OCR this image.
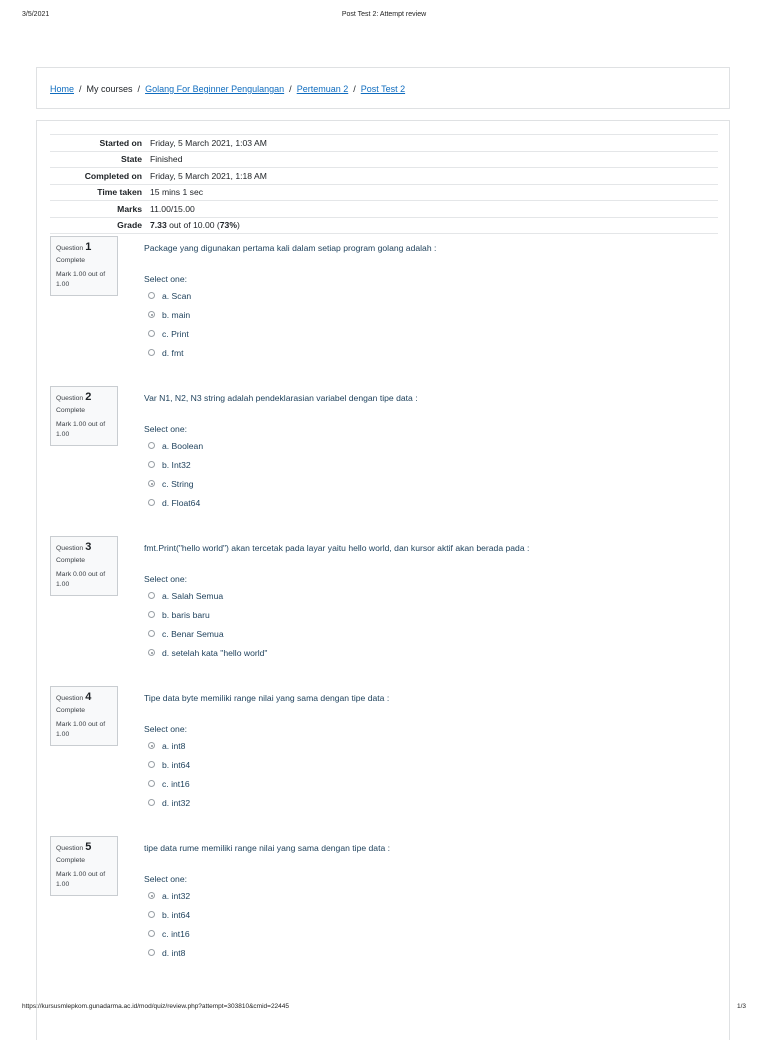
3/5/2021	Post Test 2: Attempt review
Home / My courses / Golang For Beginner Pengulangan / Pertemuan 2 / Post Test 2
Started on	Friday, 5 March 2021, 1:03 AM
State	Finished
Completed on	Friday, 5 March 2021, 1:18 AM
Time taken	15 mins 1 sec
Marks	11.00/15.00
Grade	7.33 out of 10.00 (73%)
Question 1
Complete
Mark 1.00 out of 1.00
Package yang digunakan pertama kali dalam setiap program golang adalah :
Select one:
a. Scan
b. main
c. Print
d. fmt
Question 2
Complete
Mark 1.00 out of 1.00
Var N1, N2, N3 string adalah pendeklarasian variabel dengan tipe data :
Select one:
a. Boolean
b. Int32
c. String
d. Float64
Question 3
Complete
Mark 0.00 out of 1.00
fmt.Print("hello world") akan tercetak pada layar yaitu hello world, dan kursor aktif akan berada pada :
Select one:
a. Salah Semua
b. baris baru
c. Benar Semua
d. setelah kata "hello world"
Question 4
Complete
Mark 1.00 out of 1.00
Tipe data byte memiliki range nilai yang sama dengan tipe data :
Select one:
a. int8
b. int64
c. int16
d. int32
Question 5
Complete
Mark 1.00 out of 1.00
tipe data rume memiliki range nilai yang sama dengan tipe data :
Select one:
a. int32
b. int64
c. int16
d. int8
https://kursusmlepkom.gunadarma.ac.id/mod/quiz/review.php?attempt=303810&cmid=22445	1/3
